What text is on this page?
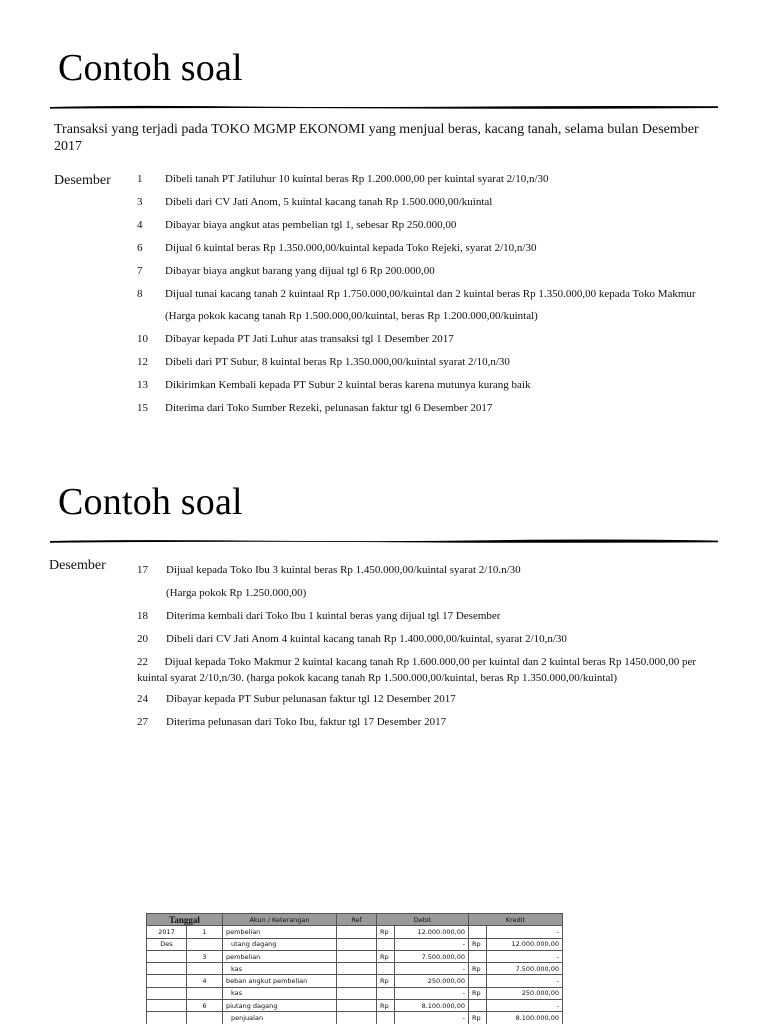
Contoh soal

Transaksi yang terjadi pada TOKO MGMP EKONOMI yang menjual beras, kacang tanah, selama bulan Desember 2017

Desember 1 Dibeli tanah PT Jatiluhur 10 kuintal beras Rp 1.200.000,00 per kuintal syarat 2/10,n/30
3 Dibeli dari CV Jati Anom, 5 kuintal kacang tanah Rp 1.500.000,00/kuintal
4 Dibayar biaya angkut atas pembelian tgl 1, sebesar Rp 250.000,00
6 Dijual 6 kuintal beras Rp 1.350.000,00/kuintal kepada Toko Rejeki, syarat 2/10,n/30
7 Dibayar biaya angkut barang yang dijual tgl 6 Rp 200.000,00
8 Dijual tunai kacang tanah 2 kuintaal Rp 1.750.000,00/kuintal dan 2 kuintal beras Rp 1.350.000,00 kepada Toko Makmur
(Harga pokok kacang tanah Rp 1.500.000,00/kuintal, beras Rp 1.200.000,00/kuintal)
10 Dibayar kepada PT Jati Luhur atas transaksi tgl 1 Desember 2017
12 Dibeli dari PT Subur, 8 kuintal beras Rp 1.350.000,00/kuintal syarat 2/10,n/30
13 Dikirimkan Kembali kepada PT Subur 2 kuintal beras karena mutunya kurang baik
15 Diterima dari Toko Sumber Rezeki, pelunasan faktur tgl 6 Desember 2017
Contoh soal
Desember	17 Dijual kepada Toko Ibu 3 kuintal beras Rp 1.450.000,00/kuintal syarat 2/10.n/30
(Harga pokok Rp 1.250.000,00)
18 Diterima kembali dari Toko Ibu 1 kuintal beras yang dijual tgl 17 Desember
20 Dibeli dari CV Jati Anom 4 kuintal kacang tanah Rp 1.400.000,00/kuintal, syarat 2/10,n/30
22 Dijual kepada Toko Makmur 2 kuintal kacang tanah Rp 1.600.000,00 per kuintal dan 2 kuintal beras Rp 1450.000,00 per kuintal syarat 2/10,n/30. (harga pokok kacang tanah Rp 1.500.000,00/kuintal, beras Rp 1.350.000,00/kuintal)
24 Dibayar kepada PT Subur pelunasan faktur tgl 12 Desember 2017
27 Diterima pelunasan dari Toko Ibu, faktur tgl 17 Desember 2017
Tanggal		Akun / Keterangan	Ref	Debit		Kredit	
2017	1	pembelian		Rp	12.000.000,00		-
Des		utang dagang			-	Rp	12.000.000,00
	3	pembelian		Rp	7.500.000,00		-
		kas			-	Rp	7.500.000,00
	4	beban angkut pembelian		Rp	250.000,00		-
		kas			-	Rp	250.000,00
	6	piutang dagang		Rp	8.100.000,00		-
		penjualan			-	Rp	8.100.000,00
